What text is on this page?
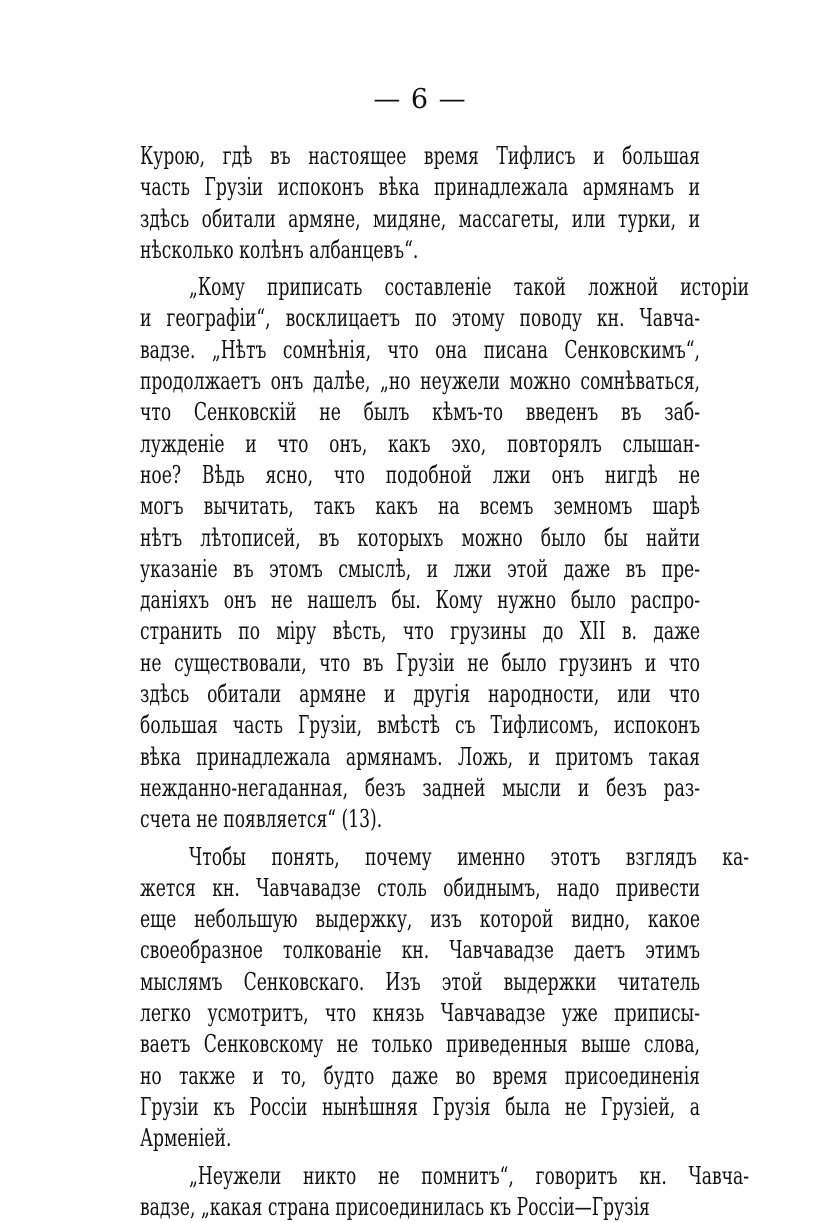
— 6 —
Курою, гдѣ въ настоящее время Тифлисъ и большая
часть Грузіи испоконъ вѣка принадлежала армянамъ и
здѣсь обитали армяне, мидяне, массагеты, или турки, и
нѣсколько колѣнъ албанцевъ“.
„Кому приписать составленіе такой ложной исторіи
и географіи“, восклицаетъ по этому поводу кн. Чавча-
вадзе. „Нѣтъ сомнѣнія, что она писана Сенковскимъ“,
продолжаетъ онъ далѣе, „но неужели можно сомнѣваться,
что Сенковскій не былъ кѣмъ-то введенъ въ заб-
лужденіе и что онъ, какъ эхо, повторялъ слышан-
ное? Вѣдь ясно, что подобной лжи онъ нигдѣ не
могъ вычитать, такъ какъ на всемъ земномъ шарѣ
нѣтъ лѣтописей, въ которыхъ можно было бы найти
указаніе въ этомъ смыслѣ, и лжи этой даже въ пре-
даніяхъ онъ не нашелъ бы. Кому нужно было распро-
странить по міру вѣсть, что грузины до XII в. даже
не существовали, что въ Грузіи не было грузинъ и что
здѣсь обитали армяне и другія народности, или что
большая часть Грузіи, вмѣстѣ съ Тифлисомъ, испоконъ
вѣка принадлежала армянамъ. Ложь, и притомъ такая
нежданно-негаданная, безъ задней мысли и безъ раз-
счета не появляется“ (13).
Чтобы понять, почему именно этотъ взглядъ ка-
жется кн. Чавчавадзе столь обиднымъ, надо привести
еще небольшую выдержку, изъ которой видно, какое
своеобразное толкованіе кн. Чавчавадзе даетъ этимъ
мыслямъ Сенковскаго. Изъ этой выдержки читатель
легко усмотритъ, что князь Чавчавадзе уже приписы-
ваетъ Сенковскому не только приведенныя выше слова,
но также и то, будто даже во время присоединенія
Грузіи къ Россіи нынѣшняя Грузія была не Грузіей, а
Арменіей.
„Неужели никто не помнитъ“, говоритъ кн. Чавча-
вадзе, „какая страна присоединилась къ Россіи—Грузія
